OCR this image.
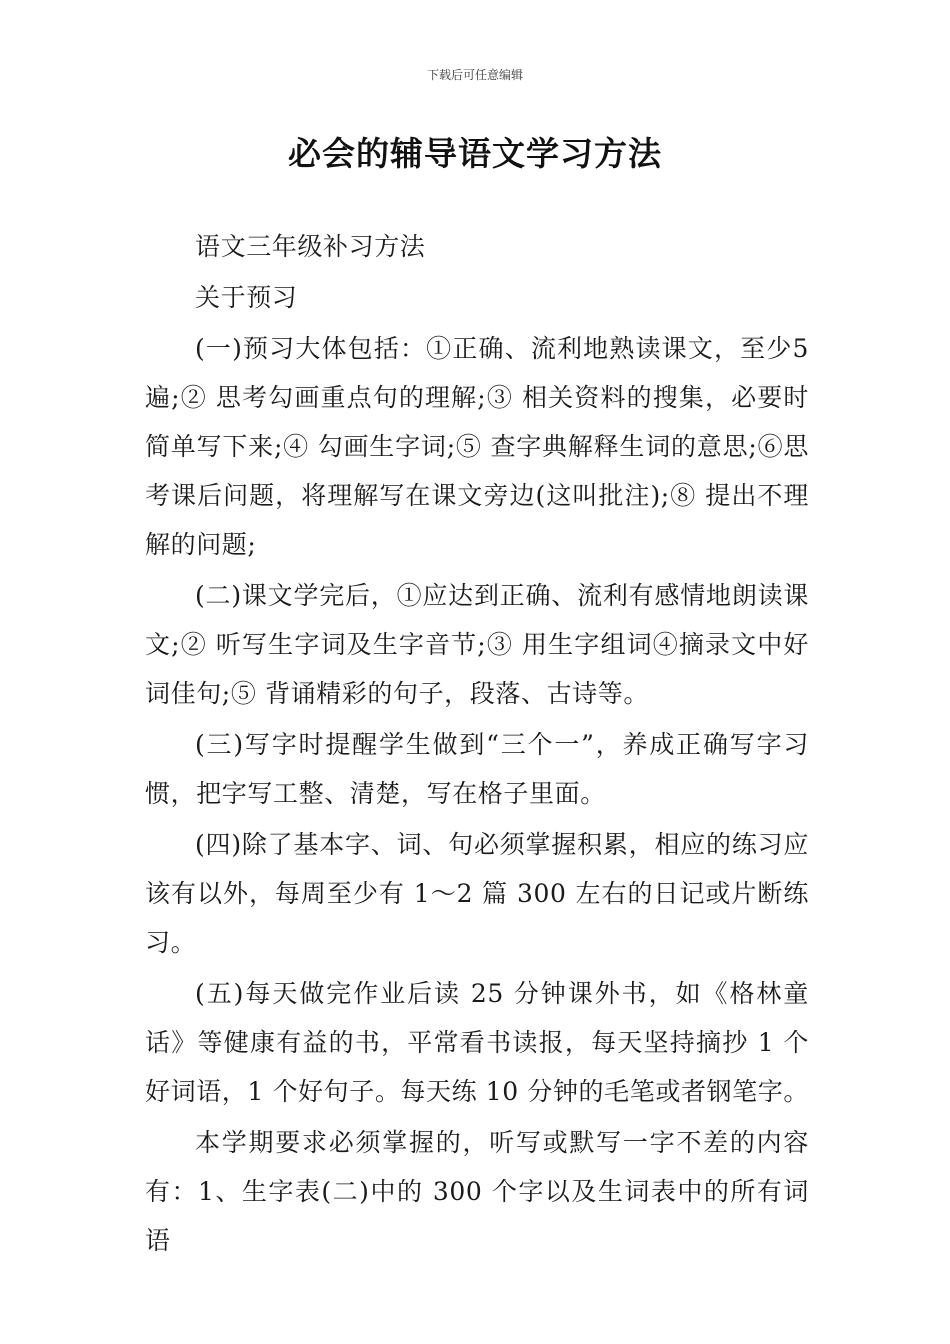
下载后可任意编辑
必会的辅导语文学习方法

语文三年级补习方法

关于预习

(一)预习大体包括：①正确、流利地熟读课文，至少5遍;② 思考勾画重点句的理解;③ 相关资料的搜集，必要时简单写下来;④ 勾画生字词;⑤ 查字典解释生词的意思;⑥思考课后问题，将理解写在课文旁边(这叫批注);⑧ 提出不理解的问题;

(二)课文学完后，①应达到正确、流利有感情地朗读课文;② 听写生字词及生字音节;③ 用生字组词④摘录文中好词佳句;⑤ 背诵精彩的句子，段落、古诗等。

(三)写字时提醒学生做到“三个一”，养成正确写字习惯，把字写工整、清楚，写在格子里面。

(四)除了基本字、词、句必须掌握积累，相应的练习应该有以外，每周至少有 1～2 篇 300 左右的日记或片断练习。

(五)每天做完作业后读 25 分钟课外书，如《格林童话》等健康有益的书，平常看书读报，每天坚持摘抄 1 个好词语，1 个好句子。每天练 10 分钟的毛笔或者钢笔字。

本学期要求必须掌握的，听写或默写一字不差的内容有：1、生字表(二)中的 300 个字以及生词表中的所有词语
